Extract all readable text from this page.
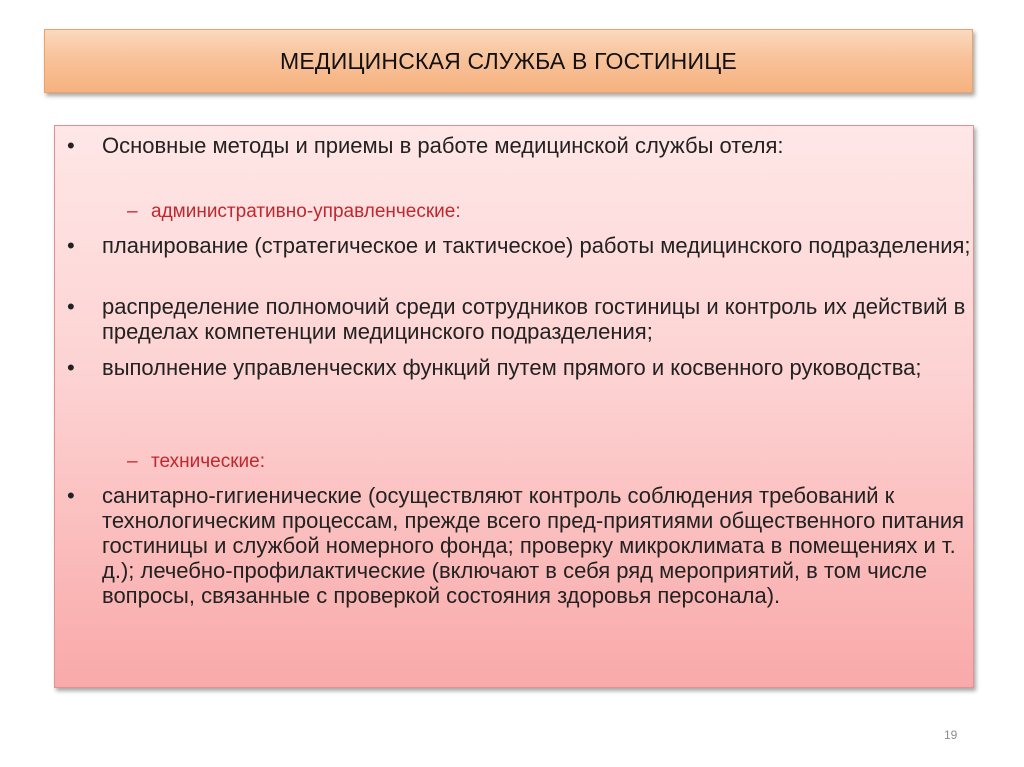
МЕДИЦИНСКАЯ СЛУЖБА В ГОСТИНИЦЕ
• Основные методы и приемы в работе медицинской службы отеля:
– административно-управленческие:
• планирование (стратегическое и тактическое) работы медицинского подразделения;
• распределение полномочий среди сотрудников гостиницы и контроль их действий в пределах компетенции медицинского подразделения;
• выполнение управленческих функций путем прямого и косвенного руководства;
– технические:
• санитарно-гигиенические (осуществляют контроль соблюдения требований к технологическим процессам, прежде всего пред-приятиями общественного питания гостиницы и службой номерного фонда; проверку микроклимата в помещениях и т. д.); лечебно-профилактические (включают в себя ряд мероприятий, в том числе вопросы, связанные с проверкой состояния здоровья персонала).
19
